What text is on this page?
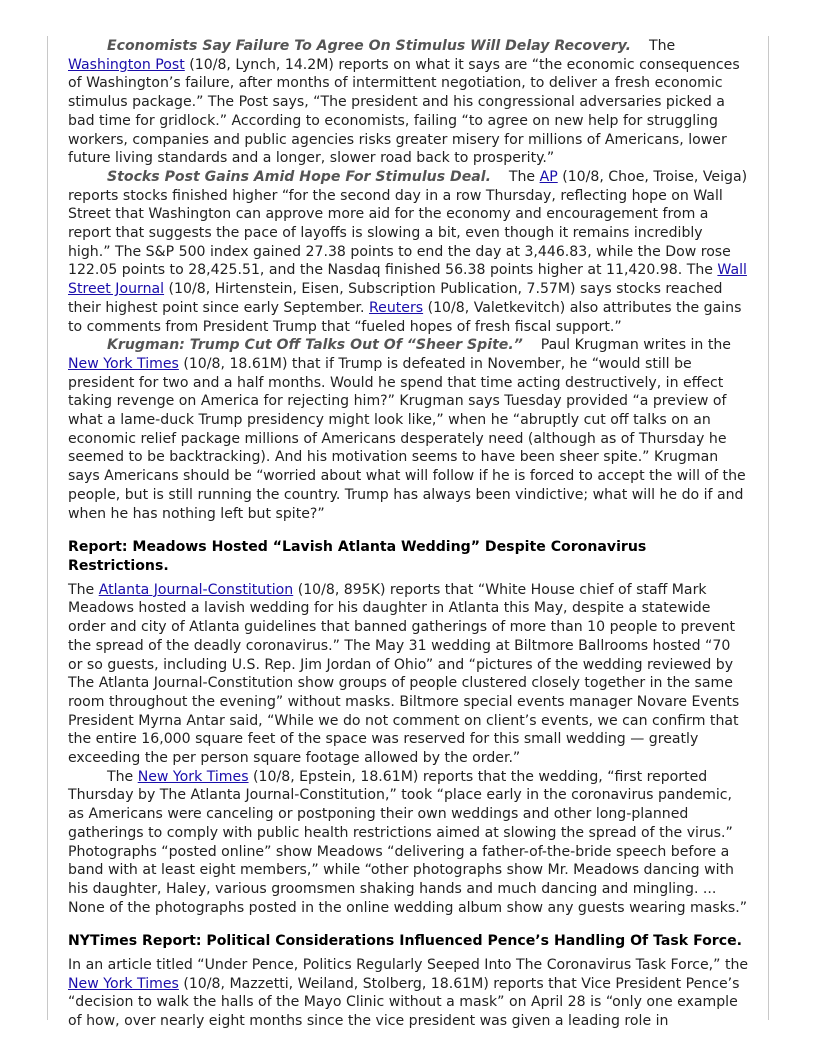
Economists Say Failure To Agree On Stimulus Will Delay Recovery. The Washington Post (10/8, Lynch, 14.2M) reports on what it says are “the economic consequences of Washington’s failure, after months of intermittent negotiation, to deliver a fresh economic stimulus package.” The Post says, “The president and his congressional adversaries picked a bad time for gridlock.” According to economists, failing “to agree on new help for struggling workers, companies and public agencies risks greater misery for millions of Americans, lower future living standards and a longer, slower road back to prosperity.”

Stocks Post Gains Amid Hope For Stimulus Deal. The AP (10/8, Choe, Troise, Veiga) reports stocks finished higher “for the second day in a row Thursday, reflecting hope on Wall Street that Washington can approve more aid for the economy and encouragement from a report that suggests the pace of layoffs is slowing a bit, even though it remains incredibly high.” The S&P 500 index gained 27.38 points to end the day at 3,446.83, while the Dow rose 122.05 points to 28,425.51, and the Nasdaq finished 56.38 points higher at 11,420.98. The Wall Street Journal (10/8, Hirtenstein, Eisen, Subscription Publication, 7.57M) says stocks reached their highest point since early September. Reuters (10/8, Valetkevitch) also attributes the gains to comments from President Trump that “fueled hopes of fresh fiscal support.”

Krugman: Trump Cut Off Talks Out Of “Sheer Spite.” Paul Krugman writes in the New York Times (10/8, 18.61M) that if Trump is defeated in November, he “would still be president for two and a half months. Would he spend that time acting destructively, in effect taking revenge on America for rejecting him?” Krugman says Tuesday provided “a preview of what a lame-duck Trump presidency might look like,” when he “abruptly cut off talks on an economic relief package millions of Americans desperately need (although as of Thursday he seemed to be backtracking). And his motivation seems to have been sheer spite.” Krugman says Americans should be “worried about what will follow if he is forced to accept the will of the people, but is still running the country. Trump has always been vindictive; what will he do if and when he has nothing left but spite?”

Report: Meadows Hosted “Lavish Atlanta Wedding” Despite Coronavirus Restrictions.

The Atlanta Journal-Constitution (10/8, 895K) reports that “White House chief of staff Mark Meadows hosted a lavish wedding for his daughter in Atlanta this May, despite a statewide order and city of Atlanta guidelines that banned gatherings of more than 10 people to prevent the spread of the deadly coronavirus.” The May 31 wedding at Biltmore Ballrooms hosted “70 or so guests, including U.S. Rep. Jim Jordan of Ohio” and “pictures of the wedding reviewed by The Atlanta Journal-Constitution show groups of people clustered closely together in the same room throughout the evening” without masks. Biltmore special events manager Novare Events President Myrna Antar said, “While we do not comment on client’s events, we can confirm that the entire 16,000 square feet of the space was reserved for this small wedding — greatly exceeding the per person square footage allowed by the order.”

The New York Times (10/8, Epstein, 18.61M) reports that the wedding, “first reported Thursday by The Atlanta Journal-Constitution,” took “place early in the coronavirus pandemic, as Americans were canceling or postponing their own weddings and other long-planned gatherings to comply with public health restrictions aimed at slowing the spread of the virus.” Photographs “posted online” show Meadows “delivering a father-of-the-bride speech before a band with at least eight members,” while “other photographs show Mr. Meadows dancing with his daughter, Haley, various groomsmen shaking hands and much dancing and mingling. ... None of the photographs posted in the online wedding album show any guests wearing masks.”

NYTimes Report: Political Considerations Influenced Pence’s Handling Of Task Force.

In an article titled “Under Pence, Politics Regularly Seeped Into The Coronavirus Task Force,” the New York Times (10/8, Mazzetti, Weiland, Stolberg, 18.61M) reports that Vice President Pence’s “decision to walk the halls of the Mayo Clinic without a mask” on April 28 is “only one example of how, over nearly eight months since the vice president was given a leading role in
